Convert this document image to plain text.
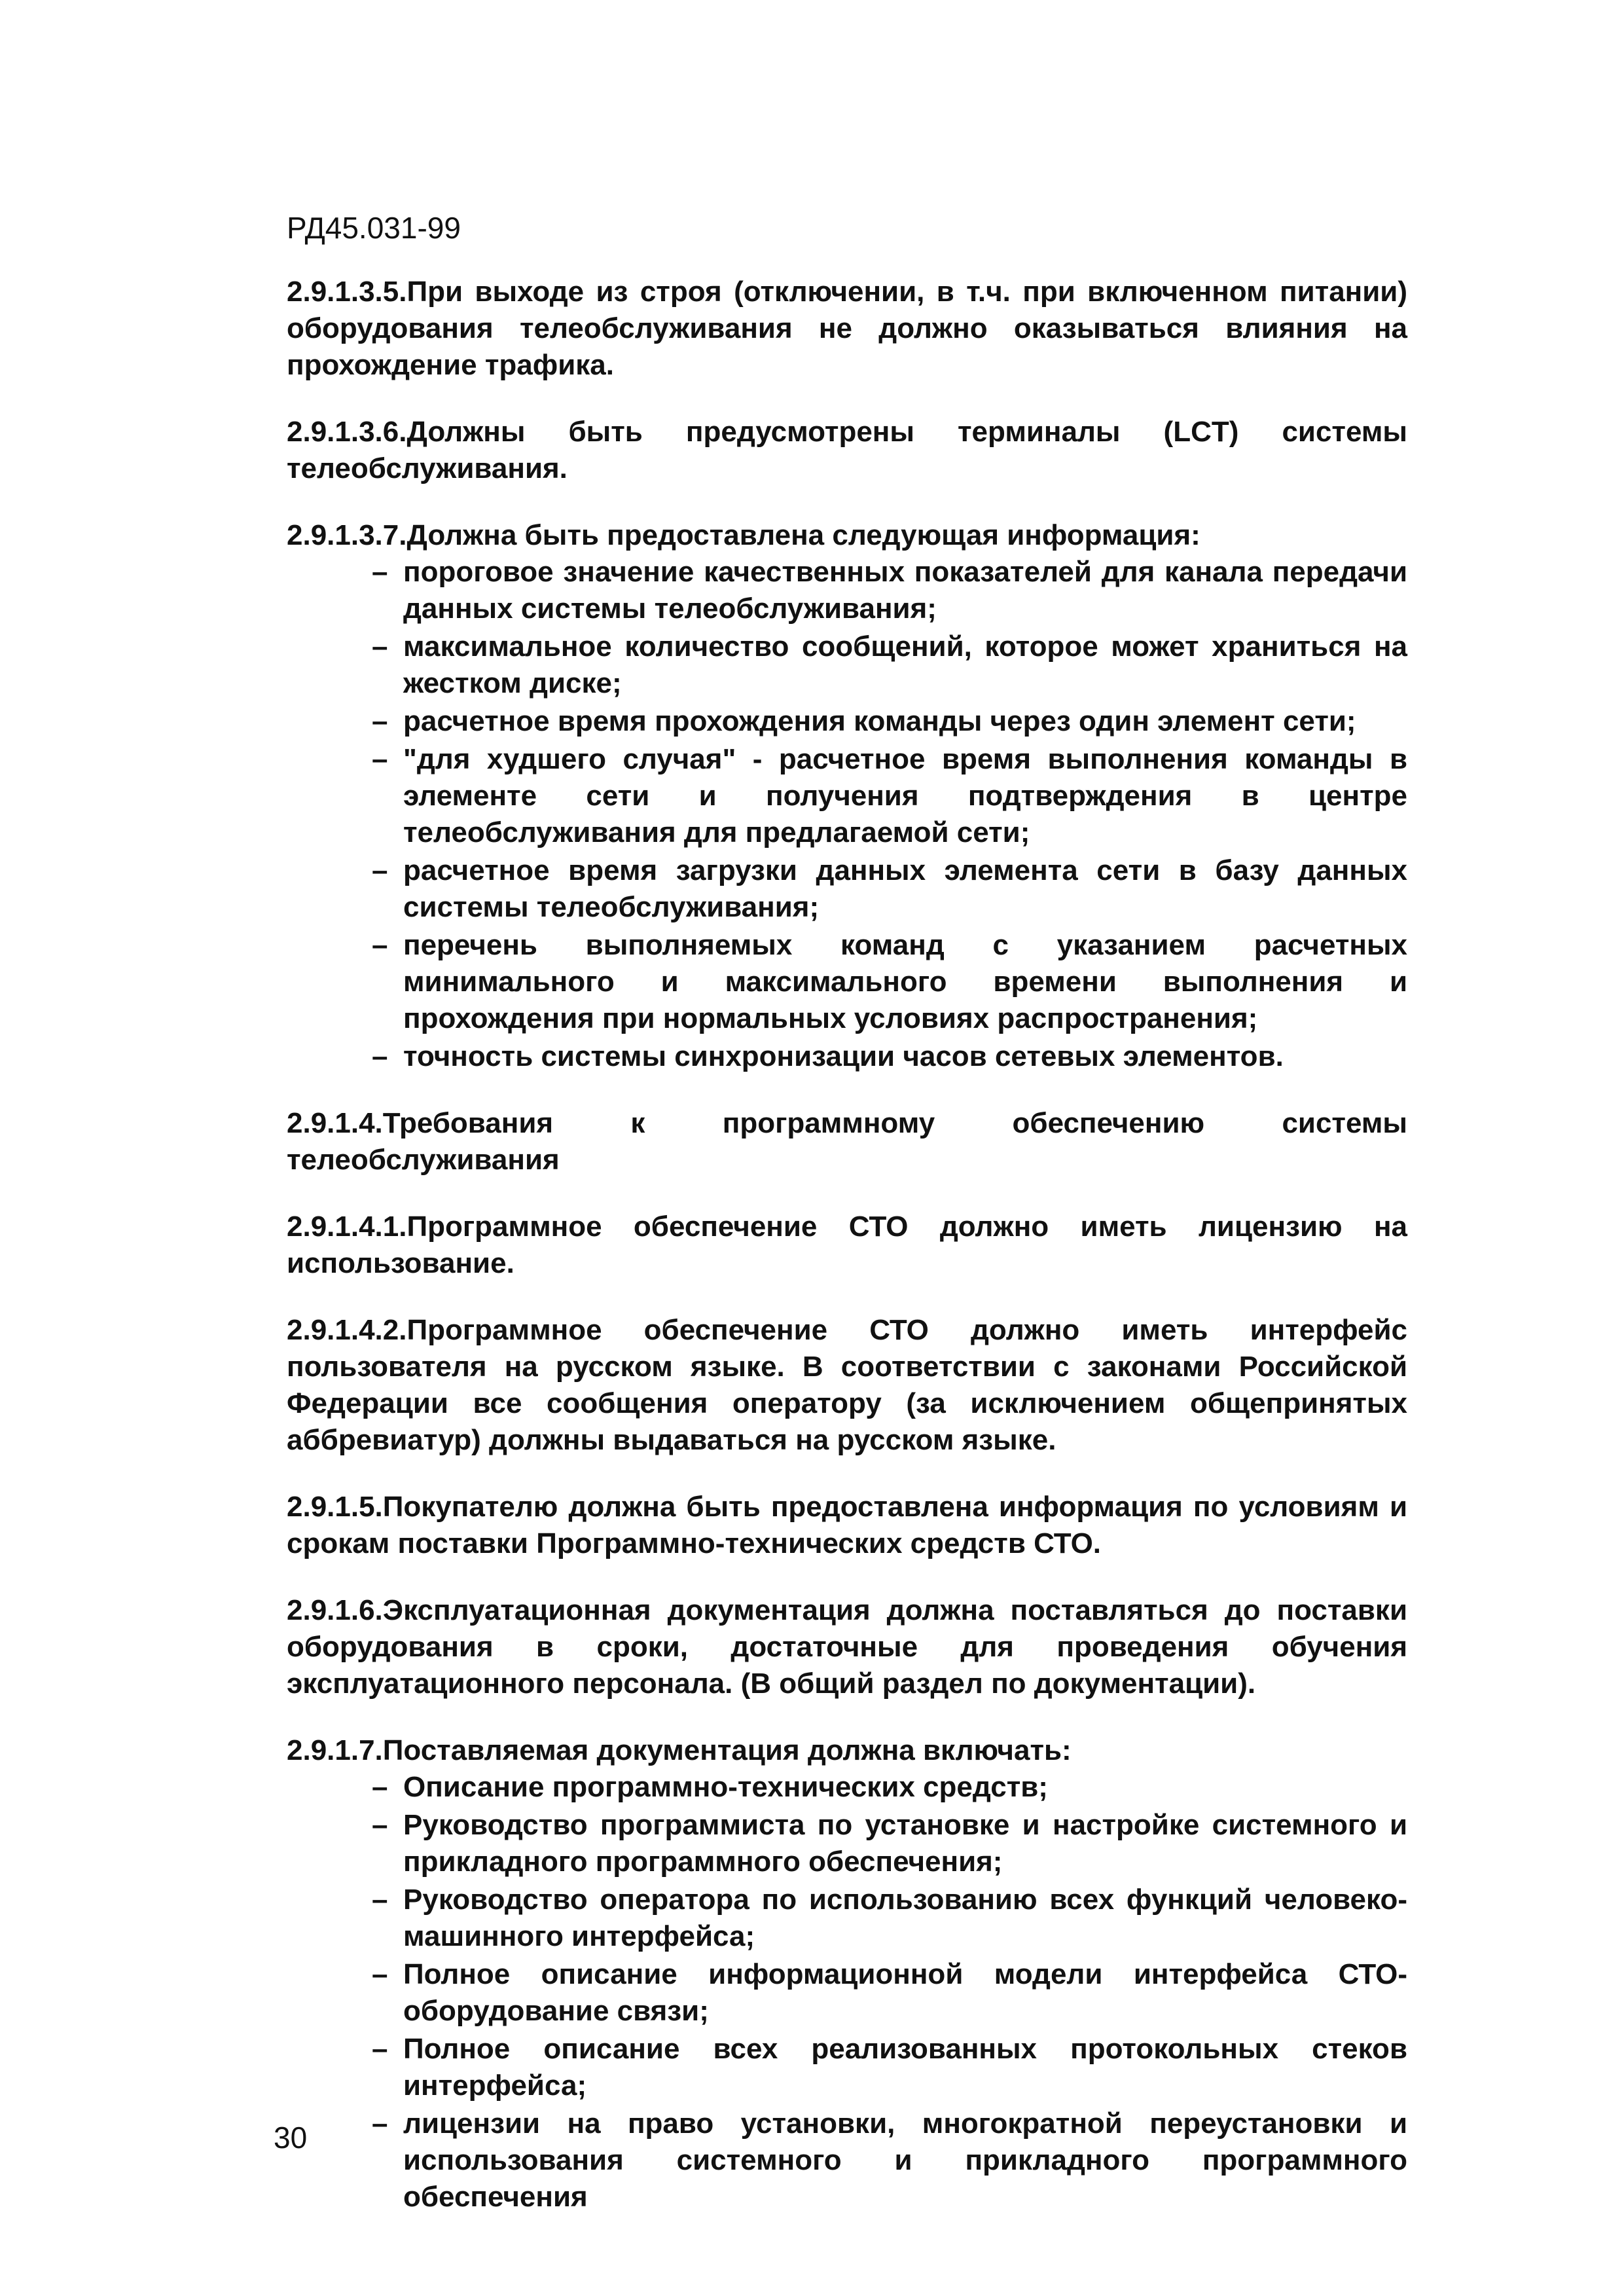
РД45.031-99

2.9.1.3.5.При выходе из строя (отключении, в т.ч. при включенном питании) оборудования телеобслуживания не должно оказываться влияния на прохождение трафика.

2.9.1.3.6.Должны быть предусмотрены терминалы (LCT) системы телеобслуживания.

2.9.1.3.7.Должна быть предоставлена следующая информация:

– пороговое значение качественных показателей для канала передачи данных системы телеобслуживания;
– максимальное количество сообщений, которое может храниться на жестком диске;
– расчетное время прохождения команды через один элемент сети;
– "для худшего случая" - расчетное время выполнения команды в элементе сети и получения подтверждения в центре телеобслуживания для предлагаемой сети;
– расчетное время загрузки данных элемента сети в базу данных системы телеобслуживания;
– перечень выполняемых команд с указанием расчетных минимального и максимального времени выполнения и прохождения при нормальных условиях распространения;
– точность системы синхронизации часов сетевых элементов.

2.9.1.4.Требования к программному обеспечению системы телеобслуживания

2.9.1.4.1.Программное обеспечение СТО должно иметь лицензию на использование.

2.9.1.4.2.Программное обеспечение СТО должно иметь интерфейс пользователя на русском языке. В соответствии с законами Российской Федерации все сообщения оператору (за исключением общепринятых аббревиатур) должны выдаваться на русском языке.

2.9.1.5.Покупателю должна быть предоставлена информация по условиям и срокам поставки Программно-технических средств СТО.

2.9.1.6.Эксплуатационная документация должна поставляться до поставки оборудования в сроки, достаточные для проведения обучения эксплуатационного персонала. (В общий раздел по документации).

2.9.1.7.Поставляемая документация должна включать:

– Описание программно-технических средств;
– Руководство программиста по установке и настройке системного и прикладного программного обеспечения;
– Руководство оператора по использованию всех функций человеко-машинного интерфейса;
– Полное описание информационной модели интерфейса СТО-оборудование связи;
– Полное описание всех реализованных протокольных стеков интерфейса;
– лицензии на право установки, многократной переустановки и использования системного и прикладного программного обеспечения
30
